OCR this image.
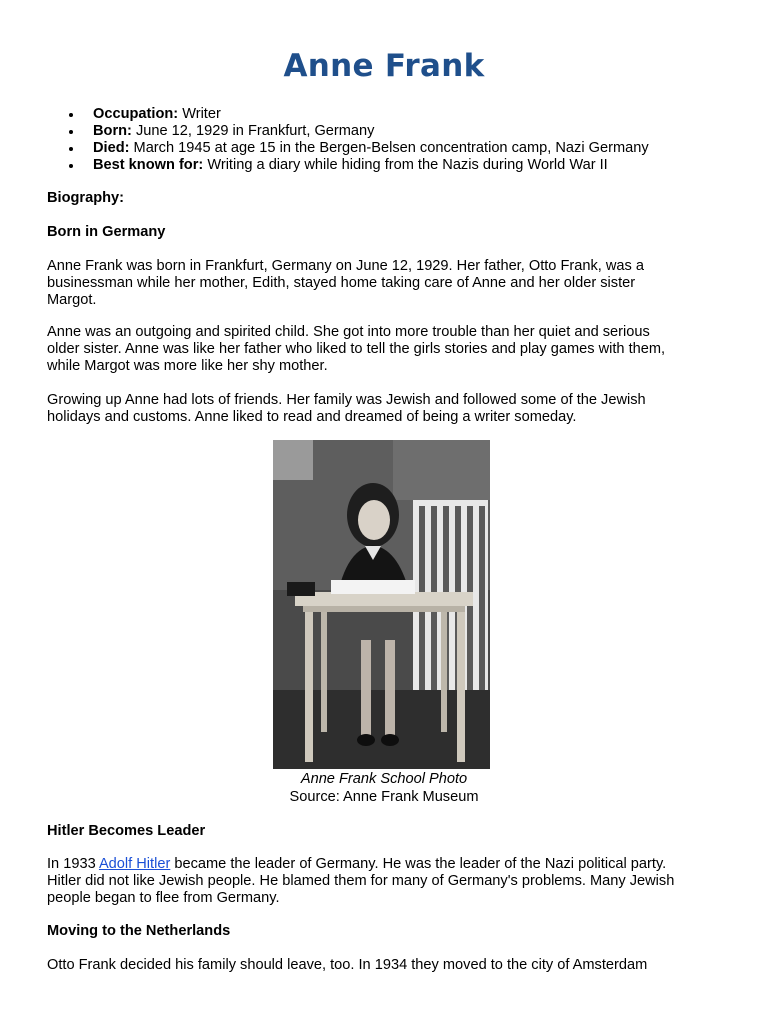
Anne Frank
Occupation: Writer
Born: June 12, 1929 in Frankfurt, Germany
Died: March 1945 at age 15 in the Bergen-Belsen concentration camp, Nazi Germany
Best known for: Writing a diary while hiding from the Nazis during World War II
Biography:
Born in Germany

Anne Frank was born in Frankfurt, Germany on June 12, 1929. Her father, Otto Frank, was a
businessman while her mother, Edith, stayed home taking care of Anne and her older sister
Margot.

Anne was an outgoing and spirited child. She got into more trouble than her quiet and serious
older sister. Anne was like her father who liked to tell the girls stories and play games with them,
while Margot was more like her shy mother.

Growing up Anne had lots of friends. Her family was Jewish and followed some of the Jewish
holidays and customs. Anne liked to read and dreamed of being a writer someday.

Anne Frank School Photo

Source: Anne Frank Museum

Hitler Becomes Leader

In 1933 Adolf Hitler became the leader of Germany. He was the leader of the Nazi political party.
Hitler did not like Jewish people. He blamed them for many of Germany's problems. Many Jewish
people began to flee from Germany.

Moving to the Netherlands

Otto Frank decided his family should leave, too. In 1934 they moved to the city of Amsterdam
